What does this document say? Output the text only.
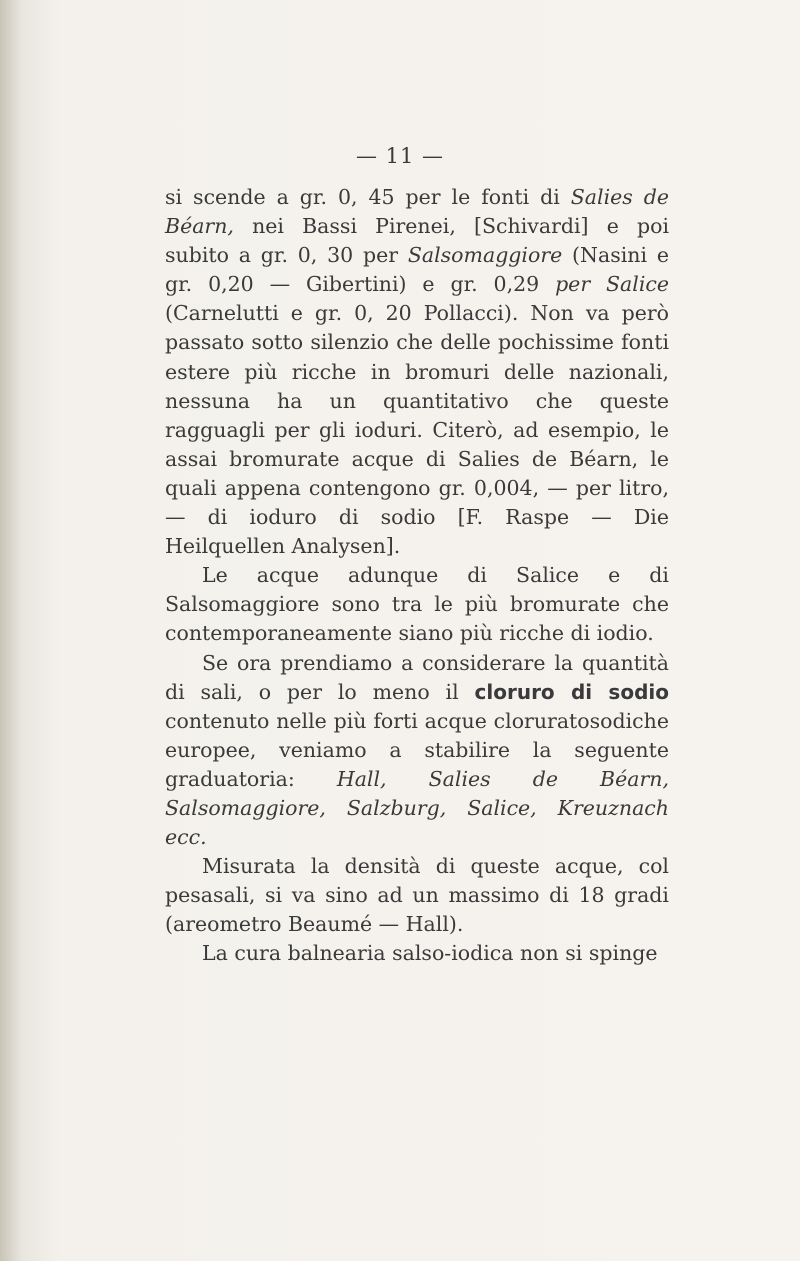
— 11 —

si scende a gr. 0, 45 per le fonti di Salies de Béarn, nei Bassi Pirenei, [Schivardi] e poi subito a gr. 0, 30 per Salsomaggiore (Nasini e gr. 0,20 — Gibertini) e gr. 0,29 per Salice (Carnelutti e gr. 0, 20 Pollacci). Non va però passato sotto silenzio che delle pochissime fonti estere più ricche in bromuri delle nazionali, nessuna ha un quantitativo che queste ragguagli per gli ioduri. Citerò, ad esempio, le assai bromurate acque di Salies de Béarn, le quali appena contengono gr. 0,004, — per litro, — di ioduro di sodio [F. Raspe — Die Heilquellen Analysen].

Le acque adunque di Salice e di Salsomaggiore sono tra le più bromurate che contemporaneamente siano più ricche di iodio.

Se ora prendiamo a considerare la quantità di sali, o per lo meno il cloruro di sodio contenuto nelle più forti acque cloruratosodiche europee, veniamo a stabilire la seguente graduatoria: Hall, Salies de Béarn, Salsomaggiore, Salzburg, Salice, Kreuznach ecc.

Misurata la densità di queste acque, col pesasali, si va sino ad un massimo di 18 gradi (areometro Beaumé — Hall).

La cura balnearia salso-iodica non si spinge
